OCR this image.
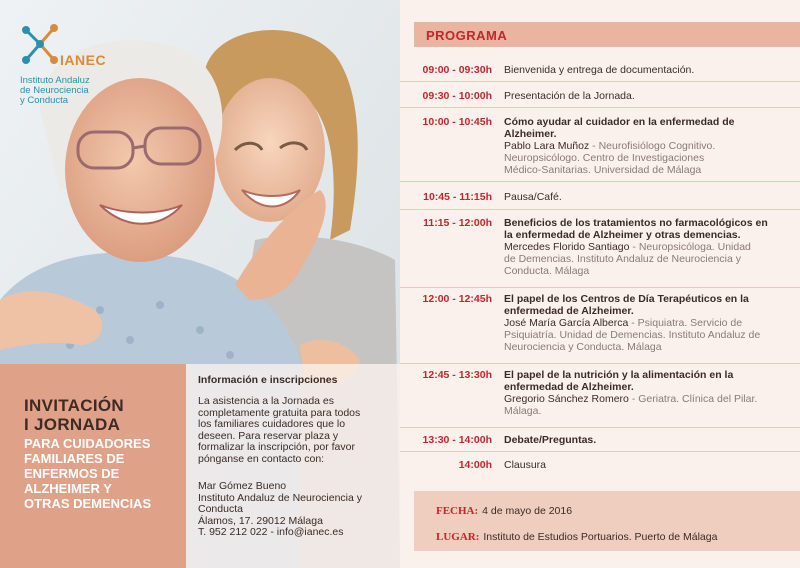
IANEC
Instituto Andaluz
de Neurociencia
y Conducta
INVITACIÓN
I JORNADA
PARA CUIDADORES
FAMILIARES DE
ENFERMOS DE
ALZHEIMER Y
OTRAS DEMENCIAS
Información e inscripciones

La asistencia a la Jornada es
completamente gratuita para todos
los familiares cuidadores que lo
deseen. Para reservar plaza y
formalizar la inscripción, por favor
pónganse en contacto con:

Mar Gómez Bueno
Instituto Andaluz de Neurociencia y
Conducta
Álamos, 17. 29012 Málaga
T. 952 212 022 - info@ianec.es

PROGRAMA
09:00 - 09:30h Bienvenida y entrega de documentación.
09:30 - 10:00h Presentación de la Jornada.
10:00 - 10:45h Cómo ayudar al cuidador en la enfermedad de
Alzheimer.
Pablo Lara Muñoz - Neurofisiólogo Cognitivo.
Neuropsicólogo. Centro de Investigaciones
Médico-Sanitarias. Universidad de Málaga
10:45 - 11:15h Pausa/Café.
11:15 - 12:00h Beneficios de los tratamientos no farmacológicos en
la enfermedad de Alzheimer y otras demencias.
Mercedes Florido Santiago - Neuropsicóloga. Unidad
de Demencias. Instituto Andaluz de Neurociencia y
Conducta. Málaga
12:00 - 12:45h El papel de los Centros de Día Terapéuticos en la
enfermedad de Alzheimer.
José María García Alberca - Psiquiatra. Servicio de
Psiquiatría. Unidad de Demencias. Instituto Andaluz de
Neurociencia y Conducta. Málaga
12:45 - 13:30h El papel de la nutrición y la alimentación en la
enfermedad de Alzheimer.
Gregorio Sánchez Romero - Geriatra. Clínica del Pilar.
Málaga.
13:30 - 14:00h Debate/Preguntas.
14:00h Clausura
FECHA: 4 de mayo de 2016
LUGAR: Instituto de Estudios Portuarios. Puerto de Málaga
